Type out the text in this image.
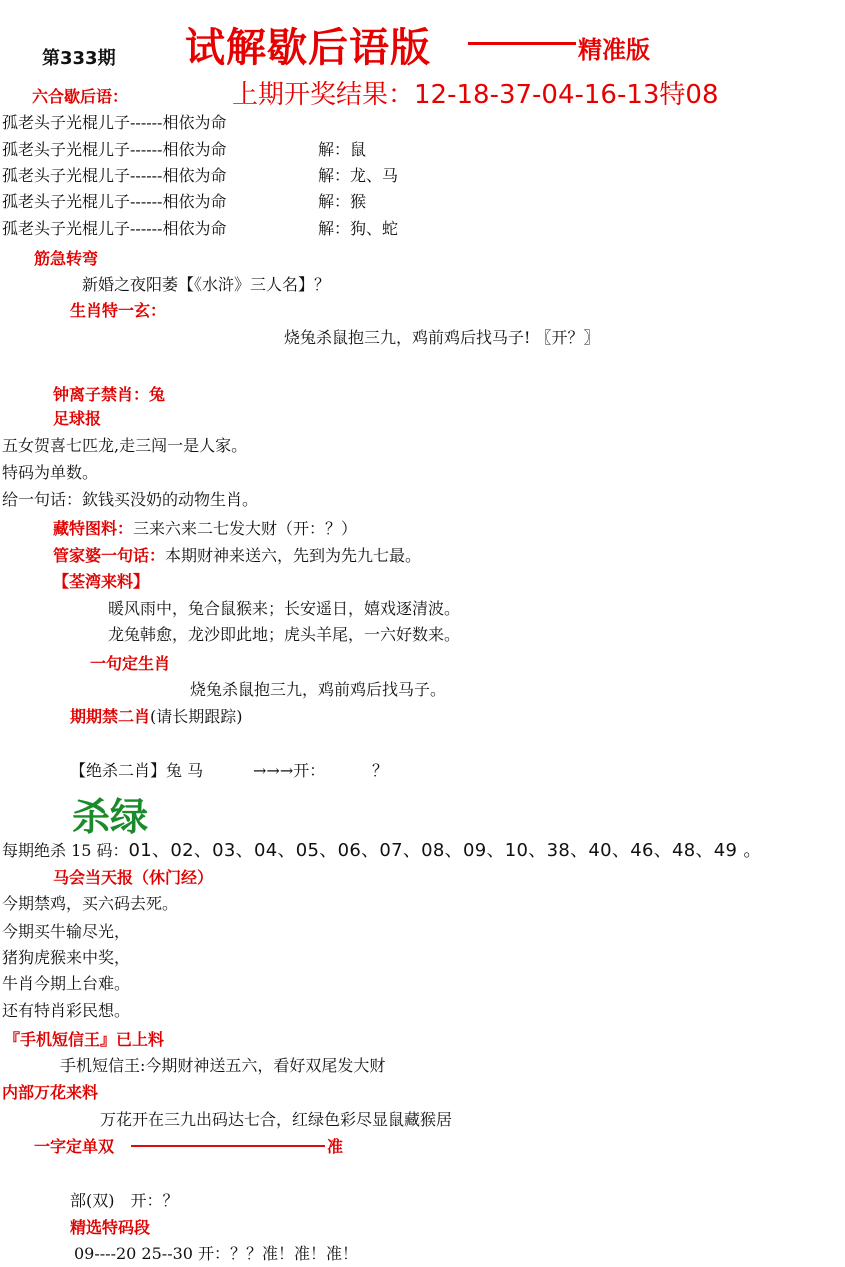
第333期 试解歇后语版	精准版
上期开奖结果：12-18-37-04-16-13特08
六合歇后语：
孤老头子光棍儿子------相依为命
孤老头子光棍儿子------相依为命	解：鼠
孤老头子光棍儿子------相依为命	解：龙、马
孤老头子光棍儿子------相依为命	解：猴
孤老头子光棍儿子------相依为命	解：狗、蛇
筋急转弯
新婚之夜阳萎【《水浒》三人名】？
生肖特一玄：
烧兔杀鼠抱三九，鸡前鸡后找马子! 〖开？〗
钟离子禁肖：兔
足球报
五女贺喜七匹龙,走三闯一是人家。
特码为单数。
给一句话：欽钱买没奶的动物生肖。
藏特图料：三来六来二七发大财（开：？）
管家婆一句话：本期财神来送六，先到为先九七最。
【荃湾来料】
暖风雨中，兔合鼠猴来；长安遥日，嬉戏逐清波。
龙兔韩愈，龙沙即此地；虎头羊尾，一六好数来。
一句定生肖
烧兔杀鼠抱三九，鸡前鸡后找马子。
期期禁二肖(请长期跟踪)
【绝杀二肖】兔 马	→→→开：	？
杀绿
每期绝杀 15 码：01、02、03、04、05、06、07、08、09、10、38、40、46、48、49 。
马会当天报（休门经）
今期禁鸡，买六码去死。
今期买牛输尽光，
猪狗虎猴来中奖，
牛肖今期上台难。
还有特肖彩民想。
『手机短信王』已上料
手机短信王:今期财神送五六，看好双尾发大财
内部万花来料
万花开在三九出码达七合，红绿色彩尽显鼠藏猴居
一字定单双	准
部(双)　开：？
精选特码段
09----20 25--30 开：？？准！准！准！
